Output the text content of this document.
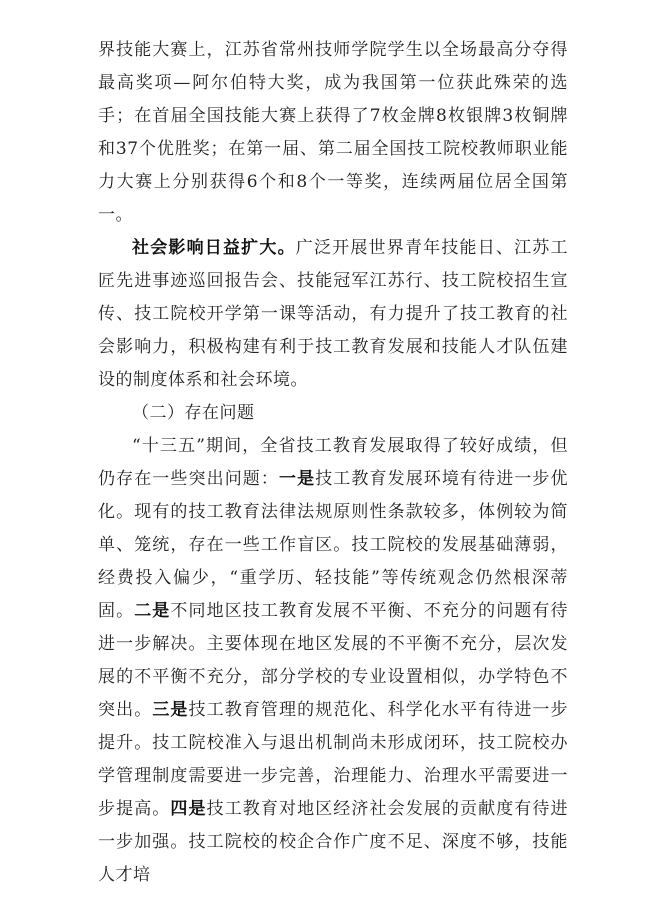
界技能大赛上，江苏省常州技师学院学生以全场最高分夺得最高奖项—阿尔伯特大奖，成为我国第一位获此殊荣的选手；在首届全国技能大赛上获得了7枚金牌8枚银牌3枚铜牌和37个优胜奖；在第一届、第二届全国技工院校教师职业能力大赛上分别获得6个和8个一等奖，连续两届位居全国第一。

社会影响日益扩大。广泛开展世界青年技能日、江苏工匠先进事迹巡回报告会、技能冠军江苏行、技工院校招生宣传、技工院校开学第一课等活动，有力提升了技工教育的社会影响力，积极构建有利于技工教育发展和技能人才队伍建设的制度体系和社会环境。

（二）存在问题

“十三五”期间，全省技工教育发展取得了较好成绩，但仍存在一些突出问题：一是技工教育发展环境有待进一步优化。现有的技工教育法律法规原则性条款较多，体例较为简单、笼统，存在一些工作盲区。技工院校的发展基础薄弱，经费投入偏少，“重学历、轻技能”等传统观念仍然根深蒂固。二是不同地区技工教育发展不平衡、不充分的问题有待进一步解决。主要体现在地区发展的不平衡不充分，层次发展的不平衡不充分，部分学校的专业设置相似，办学特色不突出。三是技工教育管理的规范化、科学化水平有待进一步提升。技工院校准入与退出机制尚未形成闭环，技工院校办学管理制度需要进一步完善，治理能力、治理水平需要进一步提高。四是技工教育对地区经济社会发展的贡献度有待进一步加强。技工院校的校企合作广度不足、深度不够，技能人才培
